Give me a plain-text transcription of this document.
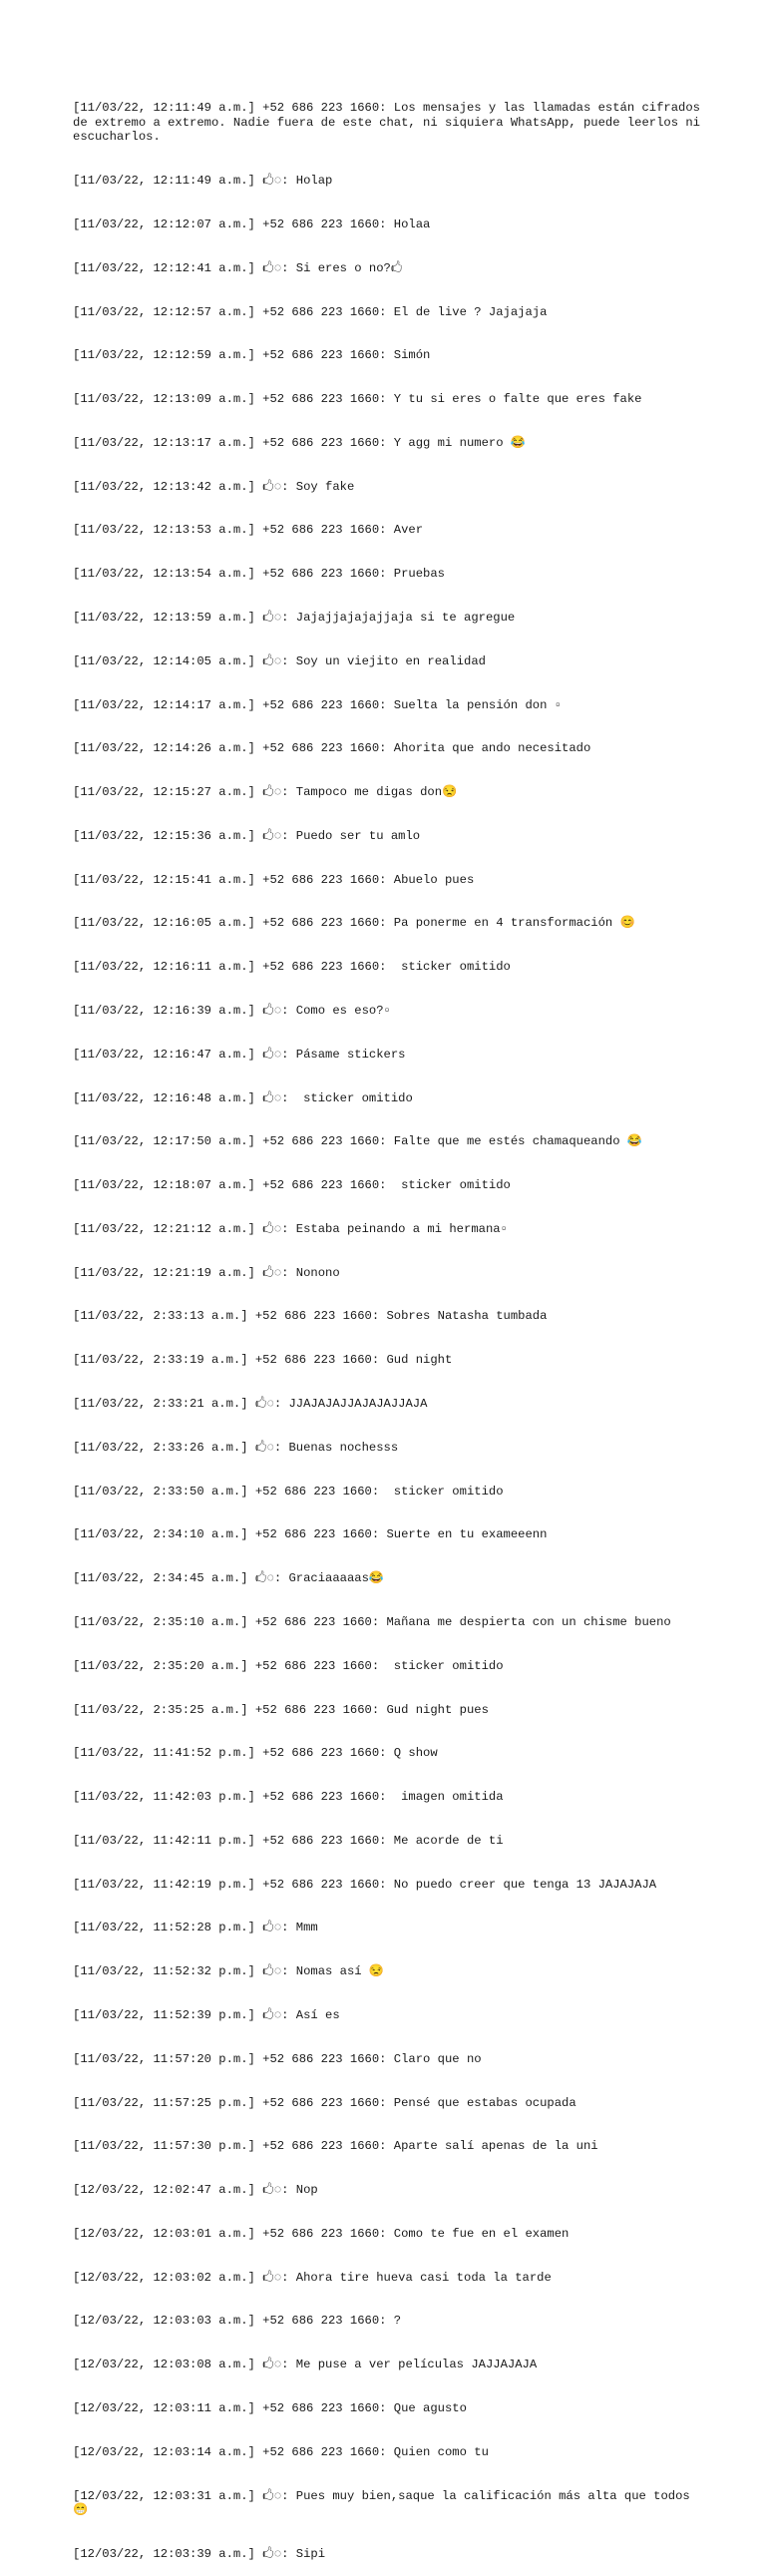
[11/03/22, 12:11:49 a.m.] +52 686 223 1660: Los mensajes y las llamadas están cifrados de extremo a extremo. Nadie fuera de este chat, ni siquiera WhatsApp, puede leerlos ni escucharlos.

[11/03/22, 12:11:49 a.m.] 🖒◌: Holap

[11/03/22, 12:12:07 a.m.] +52 686 223 1660: Holaa

[11/03/22, 12:12:41 a.m.] 🖒◌: Si eres o no?🖒

[11/03/22, 12:12:57 a.m.] +52 686 223 1660: El de live ? Jajajaja

[11/03/22, 12:12:59 a.m.] +52 686 223 1660: Simón

[11/03/22, 12:13:09 a.m.] +52 686 223 1660: Y tu si eres o falte que eres fake

[11/03/22, 12:13:17 a.m.] +52 686 223 1660: Y agg mi numero 😂

[11/03/22, 12:13:42 a.m.] 🖒◌: Soy fake

[11/03/22, 12:13:53 a.m.] +52 686 223 1660: Aver

[11/03/22, 12:13:54 a.m.] +52 686 223 1660: Pruebas

[11/03/22, 12:13:59 a.m.] 🖒◌: Jajajjajajajjaja si te agregue

[11/03/22, 12:14:05 a.m.] 🖒◌: Soy un viejito en realidad

[11/03/22, 12:14:17 a.m.] +52 686 223 1660: Suelta la pensión don ▫

[11/03/22, 12:14:26 a.m.] +52 686 223 1660: Ahorita que ando necesitado

[11/03/22, 12:15:27 a.m.] 🖒◌: Tampoco me digas don😒

[11/03/22, 12:15:36 a.m.] 🖒◌: Puedo ser tu amlo

[11/03/22, 12:15:41 a.m.] +52 686 223 1660: Abuelo pues

[11/03/22, 12:16:05 a.m.] +52 686 223 1660: Pa ponerme en 4 transformación 😊

[11/03/22, 12:16:11 a.m.] +52 686 223 1660:  sticker omitido

[11/03/22, 12:16:39 a.m.] 🖒◌: Como es eso?▫

[11/03/22, 12:16:47 a.m.] 🖒◌: Pásame stickers

[11/03/22, 12:16:48 a.m.] 🖒◌:  sticker omitido

[11/03/22, 12:17:50 a.m.] +52 686 223 1660: Falte que me estés chamaqueando 😂

[11/03/22, 12:18:07 a.m.] +52 686 223 1660:  sticker omitido

[11/03/22, 12:21:12 a.m.] 🖒◌: Estaba peinando a mi hermana▫

[11/03/22, 12:21:19 a.m.] 🖒◌: Nonono

[11/03/22, 2:33:13 a.m.] +52 686 223 1660: Sobres Natasha tumbada

[11/03/22, 2:33:19 a.m.] +52 686 223 1660: Gud night

[11/03/22, 2:33:21 a.m.] 🖒◌: JJAJAJAJJAJAJAJJAJA

[11/03/22, 2:33:26 a.m.] 🖒◌: Buenas nochesss

[11/03/22, 2:33:50 a.m.] +52 686 223 1660:  sticker omitido

[11/03/22, 2:34:10 a.m.] +52 686 223 1660: Suerte en tu exameeenn

[11/03/22, 2:34:45 a.m.] 🖒◌: Graciaaaaas😂

[11/03/22, 2:35:10 a.m.] +52 686 223 1660: Mañana me despierta con un chisme bueno

[11/03/22, 2:35:20 a.m.] +52 686 223 1660:  sticker omitido

[11/03/22, 2:35:25 a.m.] +52 686 223 1660: Gud night pues

[11/03/22, 11:41:52 p.m.] +52 686 223 1660: Q show

[11/03/22, 11:42:03 p.m.] +52 686 223 1660:  imagen omitida

[11/03/22, 11:42:11 p.m.] +52 686 223 1660: Me acorde de ti

[11/03/22, 11:42:19 p.m.] +52 686 223 1660: No puedo creer que tenga 13 JAJAJAJA

[11/03/22, 11:52:28 p.m.] 🖒◌: Mmm

[11/03/22, 11:52:32 p.m.] 🖒◌: Nomas así 😒

[11/03/22, 11:52:39 p.m.] 🖒◌: Así es

[11/03/22, 11:57:20 p.m.] +52 686 223 1660: Claro que no

[11/03/22, 11:57:25 p.m.] +52 686 223 1660: Pensé que estabas ocupada

[11/03/22, 11:57:30 p.m.] +52 686 223 1660: Aparte salí apenas de la uni

[12/03/22, 12:02:47 a.m.] 🖒◌: Nop

[12/03/22, 12:03:01 a.m.] +52 686 223 1660: Como te fue en el examen

[12/03/22, 12:03:02 a.m.] 🖒◌: Ahora tire hueva casi toda la tarde

[12/03/22, 12:03:03 a.m.] +52 686 223 1660: ?

[12/03/22, 12:03:08 a.m.] 🖒◌: Me puse a ver películas JAJJAJAJA

[12/03/22, 12:03:11 a.m.] +52 686 223 1660: Que agusto

[12/03/22, 12:03:14 a.m.] +52 686 223 1660: Quien como tu

[12/03/22, 12:03:31 a.m.] 🖒◌: Pues muy bien,saque la calificación más alta que todos 😁

[12/03/22, 12:03:39 a.m.] 🖒◌: Sipi
